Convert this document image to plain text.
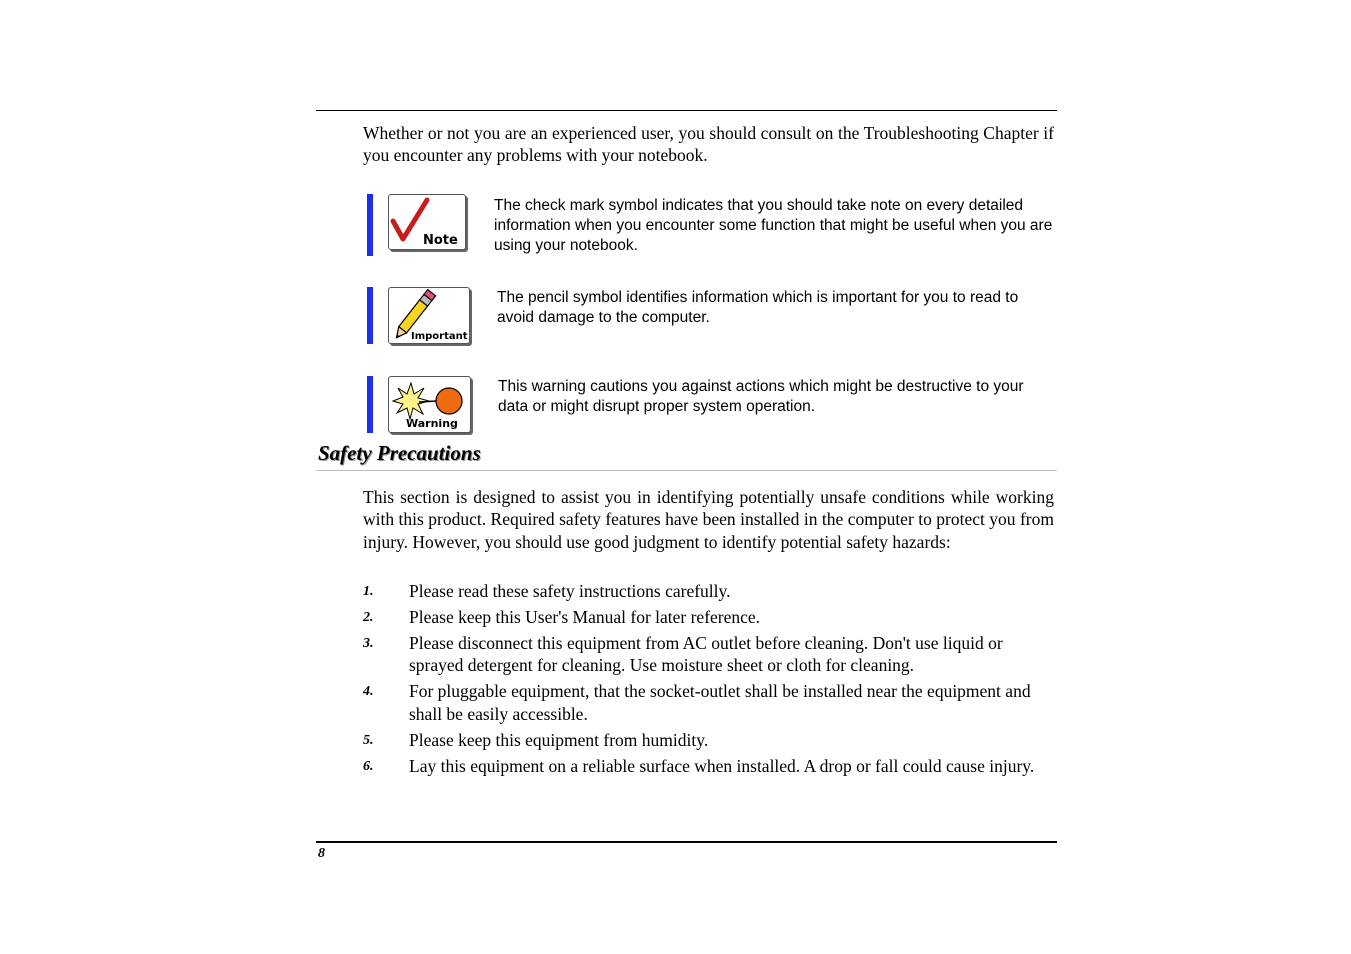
Whether or not you are an experienced user, you should consult on the Troubleshooting Chapter if you encounter any problems with your notebook.
Note
The check mark symbol indicates that you should take note on every detailed information when you encounter some function that might be useful when you are using your notebook.
Important
The pencil symbol identifies information which is important for you to read to avoid damage to the computer.
Warning
This warning cautions you against actions which might be destructive to your data or might disrupt proper system operation.
Safety Precautions
This section is designed to assist you in identifying potentially unsafe conditions while working with this product. Required safety features have been installed in the computer to protect you from injury. However, you should use good judgment to identify potential safety hazards:
1. Please read these safety instructions carefully.
2. Please keep this User's Manual for later reference.
3. Please disconnect this equipment from AC outlet before cleaning. Don't use liquid or sprayed detergent for cleaning. Use moisture sheet or cloth for cleaning.
4. For pluggable equipment, that the socket-outlet shall be installed near the equipment and shall be easily accessible.
5. Please keep this equipment from humidity.
6. Lay this equipment on a reliable surface when installed. A drop or fall could cause injury.
8
